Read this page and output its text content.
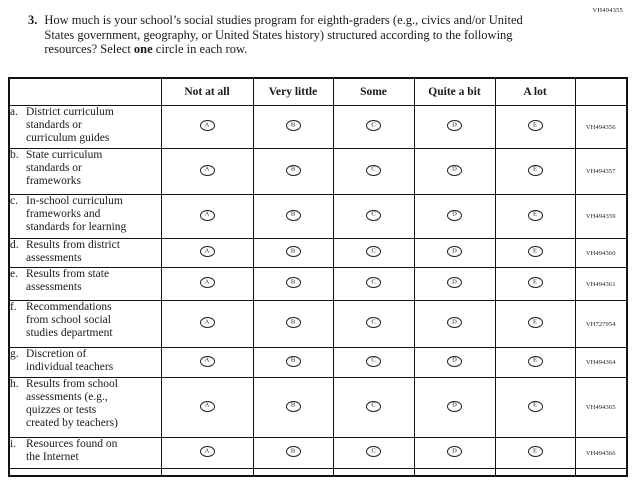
VH494355
3. How much is your school’s social studies program for eighth-graders (e.g., civics and/or United States government, geography, or United States history) structured according to the following resources? Select one circle in each row.
	Not at all	Very little	Some	Quite a bit	A lot	
a. District curriculum standards or curriculum guides	A	B	C	D	E	VH494356
b. State curriculum standards or frameworks	A	B	C	D	E	VH494357
c. In-school curriculum frameworks and standards for learning	A	B	C	D	E	VH494359
d. Results from district assessments	A	B	C	D	E	VH494360
e. Results from state assessments	A	B	C	D	E	VH494361
f. Recommendations from school social studies department	A	B	C	D	E	VH727954
g. Discretion of individual teachers	A	B	C	D	E	VH494364
h. Results from school assessments (e.g., quizzes or tests created by teachers)	A	B	C	D	E	VH494365
i. Resources found on the Internet	A	B	C	D	E	VH494366
